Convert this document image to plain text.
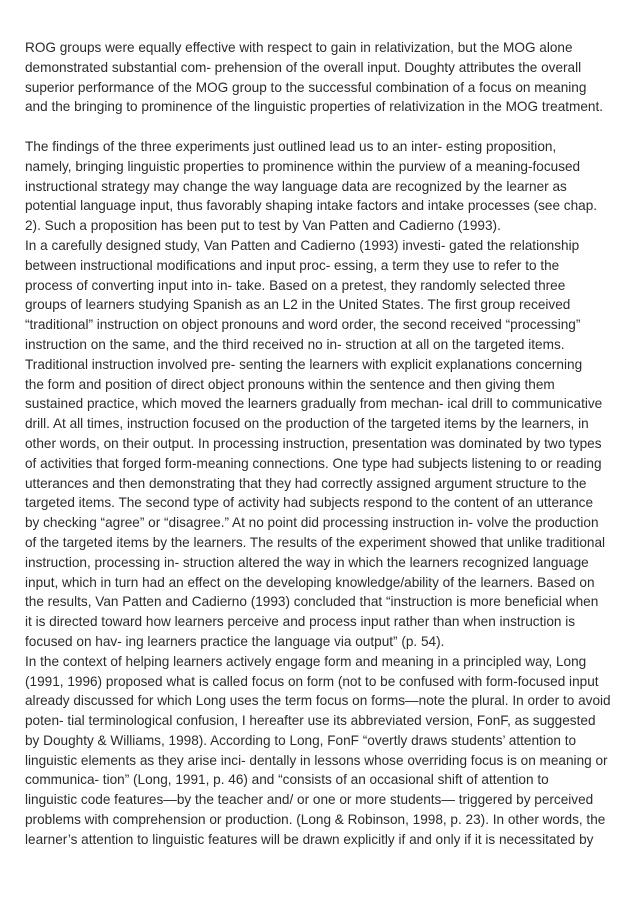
ROG groups were equally effective with respect to gain in relativization, but the MOG alone
demonstrated substantial com- prehension of the overall input. Doughty attributes the overall
superior performance of the MOG group to the successful combination of a focus on meaning
and the bringing to prominence of the linguistic properties of relativization in the MOG treatment.

The findings of the three experiments just outlined lead us to an inter- esting proposition,
namely, bringing linguistic properties to prominence within the purview of a meaning-focused
instructional strategy may change the way language data are recognized by the learner as
potential language input, thus favorably shaping intake factors and intake processes (see chap.
2). Such a proposition has been put to test by Van Patten and Cadierno (1993).

In a carefully designed study, Van Patten and Cadierno (1993) investi- gated the relationship
between instructional modifications and input proc- essing, a term they use to refer to the
process of converting input into in- take. Based on a pretest, they randomly selected three
groups of learners studying Spanish as an L2 in the United States. The first group received
“traditional” instruction on object pronouns and word order, the second received “processing”
instruction on the same, and the third received no in- struction at all on the targeted items.
Traditional instruction involved pre- senting the learners with explicit explanations concerning
the form and position of direct object pronouns within the sentence and then giving them
sustained practice, which moved the learners gradually from mechan- ical drill to communicative
drill. At all times, instruction focused on the production of the targeted items by the learners, in
other words, on their output. In processing instruction, presentation was dominated by two types
of activities that forged form-meaning connections. One type had subjects listening to or reading
utterances and then demonstrating that they had correctly assigned argument structure to the
targeted items. The second type of activity had subjects respond to the content of an utterance
by checking “agree” or “disagree.” At no point did processing instruction in- volve the production
of the targeted items by the learners. The results of the experiment showed that unlike traditional
instruction, processing in- struction altered the way in which the learners recognized language
input, which in turn had an effect on the developing knowledge/ability of the learners. Based on
the results, Van Patten and Cadierno (1993) concluded that “instruction is more beneficial when
it is directed toward how learners perceive and process input rather than when instruction is
focused on hav- ing learners practice the language via output” (p. 54).

In the context of helping learners actively engage form and meaning in a principled way, Long
(1991, 1996) proposed what is called focus on form (not to be confused with form-focused input
already discussed for which Long uses the term focus on forms—note the plural. In order to avoid
poten- tial terminological confusion, I hereafter use its abbreviated version, FonF, as suggested
by Doughty & Williams, 1998). According to Long, FonF “overtly draws students’ attention to
linguistic elements as they arise inci- dentally in lessons whose overriding focus is on meaning or
communica- tion” (Long, 1991, p. 46) and “consists of an occasional shift of attention to
linguistic code features—by the teacher and/ or one or more students— triggered by perceived
problems with comprehension or production. (Long & Robinson, 1998, p. 23). In other words, the
learner’s attention to linguistic features will be drawn explicitly if and only if it is necessitated by
